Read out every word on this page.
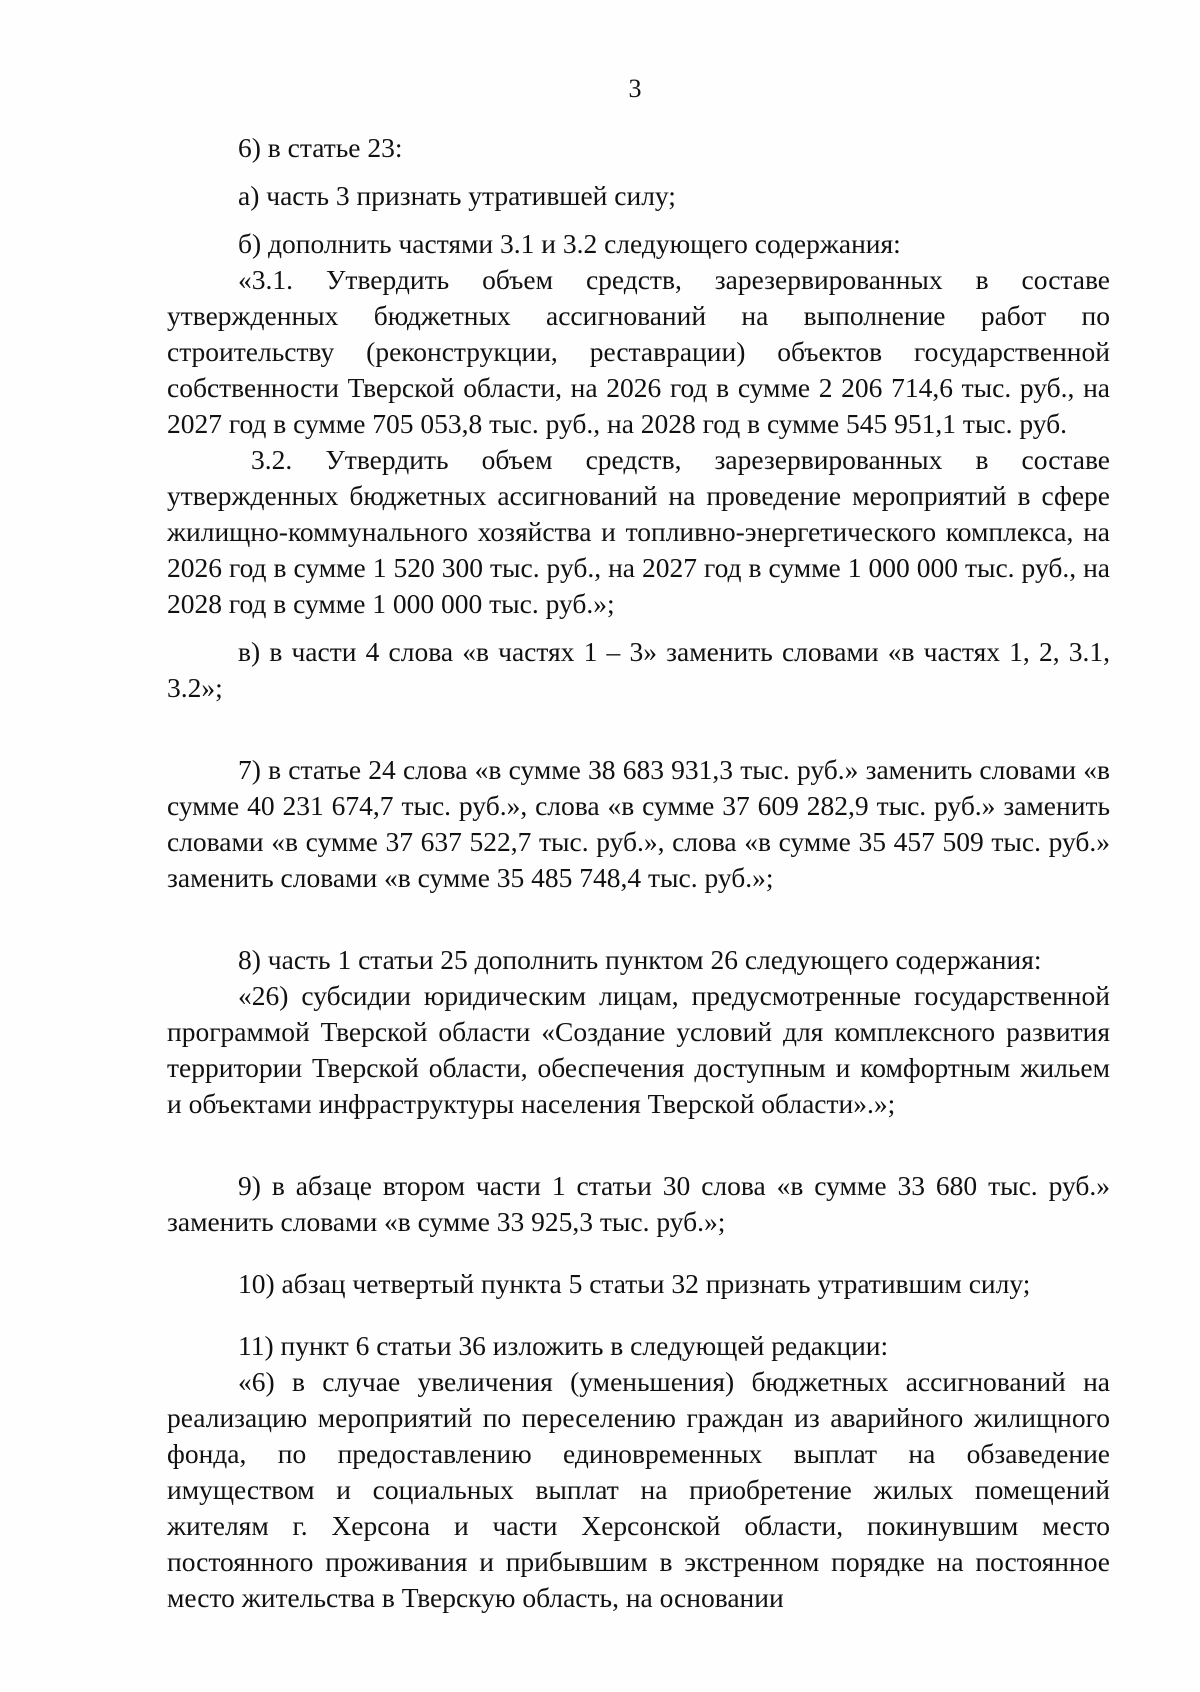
3

6) в статье 23:

а) часть 3 признать утратившей силу;

б) дополнить частями 3.1 и 3.2 следующего содержания:

«3.1. Утвердить объем средств, зарезервированных в составе утвержденных бюджетных ассигнований на выполнение работ по строительству (реконструкции, реставрации) объектов государственной собственности Тверской области, на 2026 год в сумме 2 206 714,6 тыс. руб., на 2027 год в сумме 705 053,8 тыс. руб., на 2028 год в сумме 545 951,1 тыс. руб.

3.2. Утвердить объем средств, зарезервированных в составе утвержденных бюджетных ассигнований на проведение мероприятий в сфере жилищно-коммунального хозяйства и топливно-энергетического комплекса, на 2026 год в сумме 1 520 300 тыс. руб., на 2027 год в сумме 1 000 000 тыс. руб., на 2028 год в сумме 1 000 000 тыс. руб.»;

в) в части 4 слова «в частях 1 – 3» заменить словами «в частях 1, 2, 3.1, 3.2»;

7) в статье 24 слова «в сумме 38 683 931,3 тыс. руб.» заменить словами «в сумме 40 231 674,7 тыс. руб.», слова «в сумме 37 609 282,9 тыс. руб.» заменить словами «в сумме 37 637 522,7 тыс. руб.», слова «в сумме 35 457 509 тыс. руб.» заменить словами «в сумме 35 485 748,4 тыс. руб.»;

8) часть 1 статьи 25 дополнить пунктом 26 следующего содержания:

«26) субсидии юридическим лицам, предусмотренные государственной программой Тверской области «Создание условий для комплексного развития территории Тверской области, обеспечения доступным и комфортным жильем и объектами инфраструктуры населения Тверской области».»;

9) в абзаце втором части 1 статьи 30 слова «в сумме 33 680 тыс. руб.» заменить словами «в сумме 33 925,3 тыс. руб.»;

10) абзац четвертый пункта 5 статьи 32 признать утратившим силу;

11) пункт 6 статьи 36 изложить в следующей редакции:

«6) в случае увеличения (уменьшения) бюджетных ассигнований на реализацию мероприятий по переселению граждан из аварийного жилищного фонда, по предоставлению единовременных выплат на обзаведение имуществом и социальных выплат на приобретение жилых помещений жителям г. Херсона и части Херсонской области, покинувшим место постоянного проживания и прибывшим в экстренном порядке на постоянное место жительства в Тверскую область, на основании
